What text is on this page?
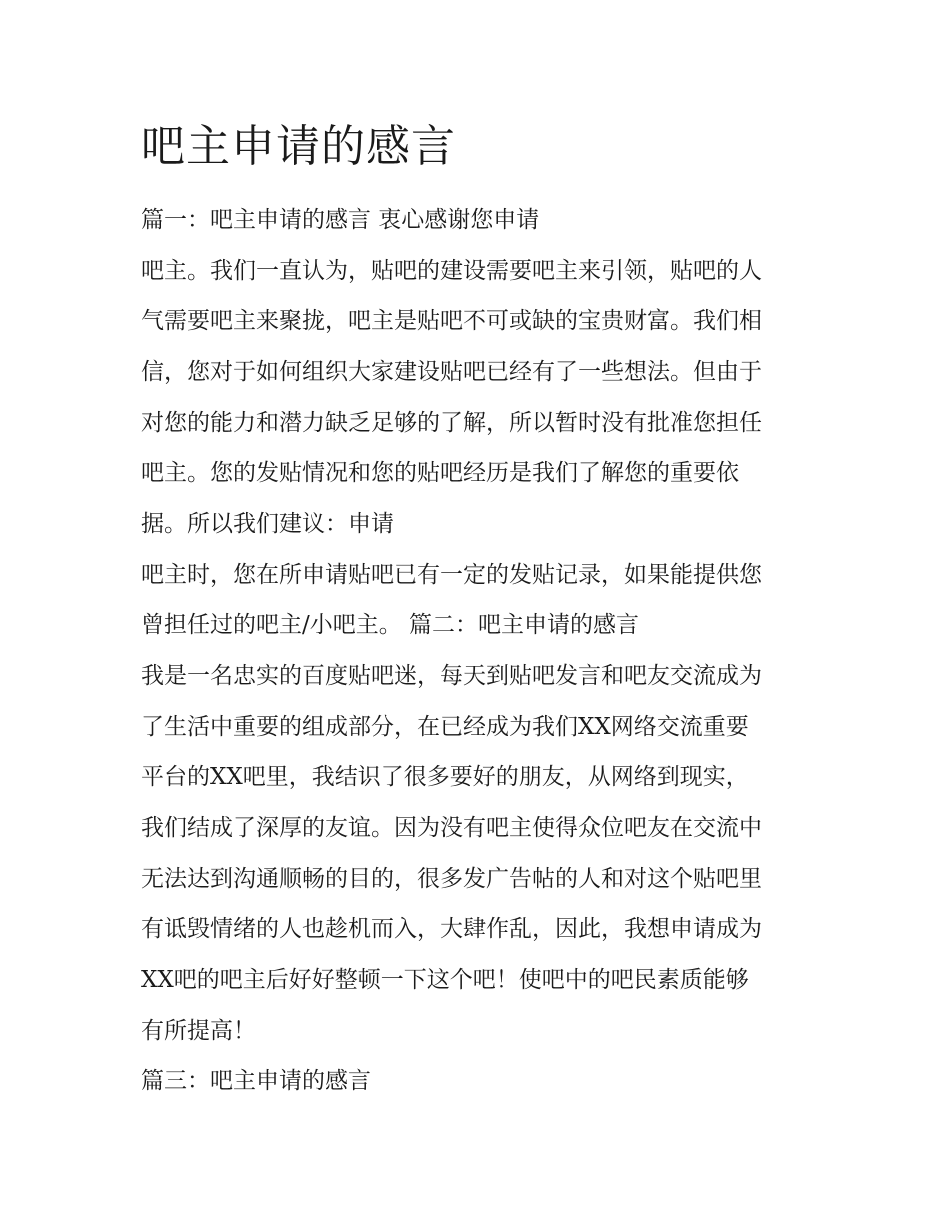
吧主申请的感言

篇一：吧主申请的感言 衷心感谢您申请

吧主。我们一直认为，贴吧的建设需要吧主来引领，贴吧的人

气需要吧主来聚拢，吧主是贴吧不可或缺的宝贵财富。我们相

信，您对于如何组织大家建设贴吧已经有了一些想法。但由于

对您的能力和潜力缺乏足够的了解，所以暂时没有批准您担任

吧主。您的发贴情况和您的贴吧经历是我们了解您的重要依

据。所以我们建议：申请

吧主时，您在所申请贴吧已有一定的发贴记录，如果能提供您

曾担任过的吧主/小吧主。 篇二：吧主申请的感言

我是一名忠实的百度贴吧迷，每天到贴吧发言和吧友交流成为

了生活中重要的组成部分，在已经成为我们XX网络交流重要

平台的XX吧里，我结识了很多要好的朋友，从网络到现实，

我们结成了深厚的友谊。因为没有吧主使得众位吧友在交流中

无法达到沟通顺畅的目的，很多发广告帖的人和对这个贴吧里

有诋毁情绪的人也趁机而入，大肆作乱，因此，我想申请成为

XX吧的吧主后好好整顿一下这个吧！使吧中的吧民素质能够

有所提高！

篇三：吧主申请的感言
